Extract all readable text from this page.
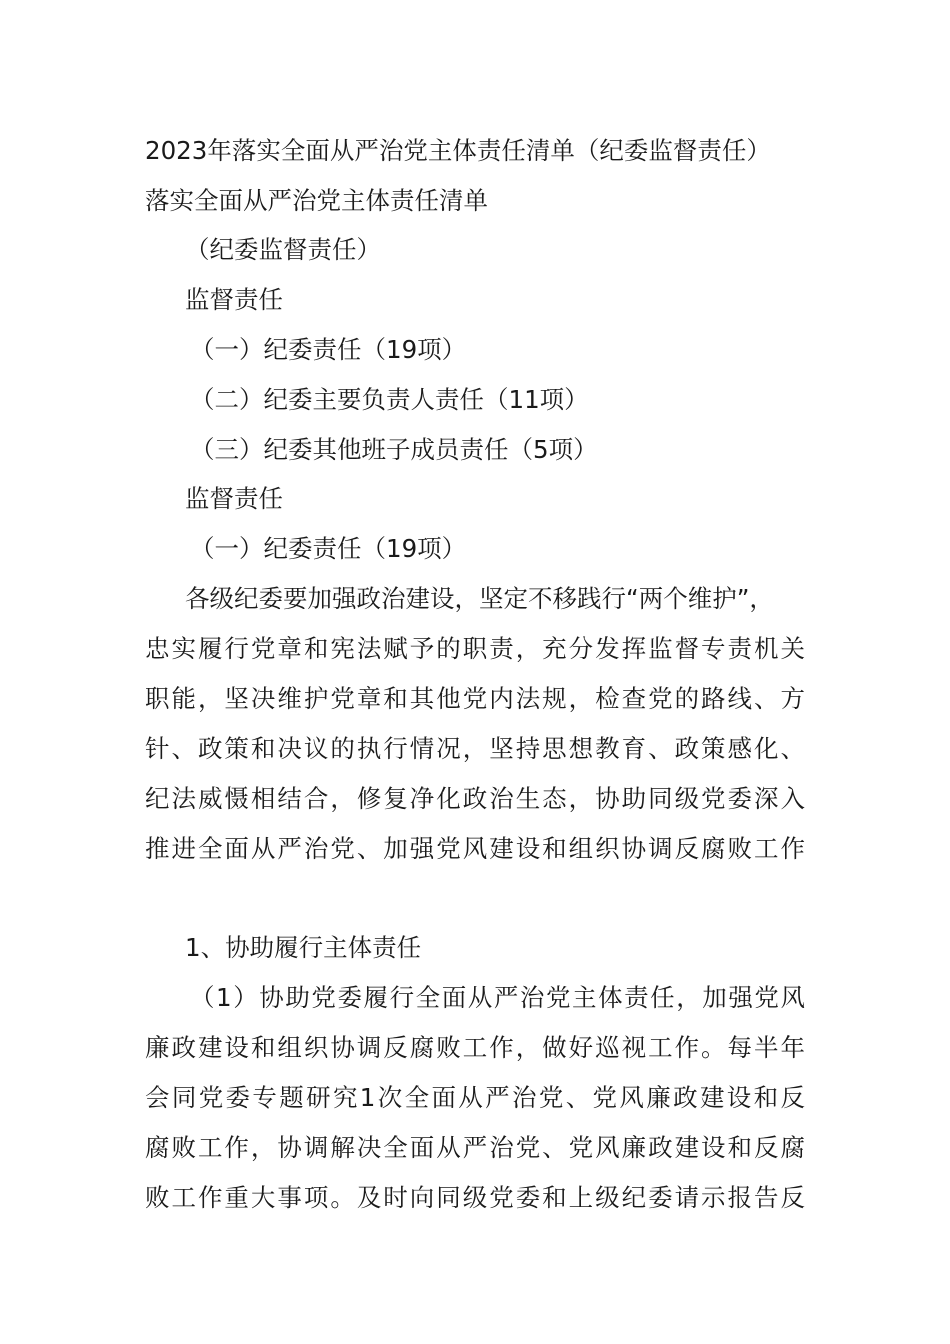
2023年落实全面从严治党主体责任清单（纪委监督责任）
落实全面从严治党主体责任清单
（纪委监督责任）
监督责任
（一）纪委责任（19项）
（二）纪委主要负责人责任（11项）
（三）纪委其他班子成员责任（5项）
监督责任
（一）纪委责任（19项）
各级纪委要加强政治建设，坚定不移践行“两个维护”，
忠实履行党章和宪法赋予的职责，充分发挥监督专责机关
职能，坚决维护党章和其他党内法规，检查党的路线、方
针、政策和决议的执行情况，坚持思想教育、政策感化、
纪法威慑相结合，修复净化政治生态，协助同级党委深入
推进全面从严治党、加强党风建设和组织协调反腐败工作
1、协助履行主体责任
（1）协助党委履行全面从严治党主体责任，加强党风
廉政建设和组织协调反腐败工作，做好巡视工作。每半年
会同党委专题研究1次全面从严治党、党风廉政建设和反
腐败工作，协调解决全面从严治党、党风廉政建设和反腐
败工作重大事项。及时向同级党委和上级纪委请示报告反
